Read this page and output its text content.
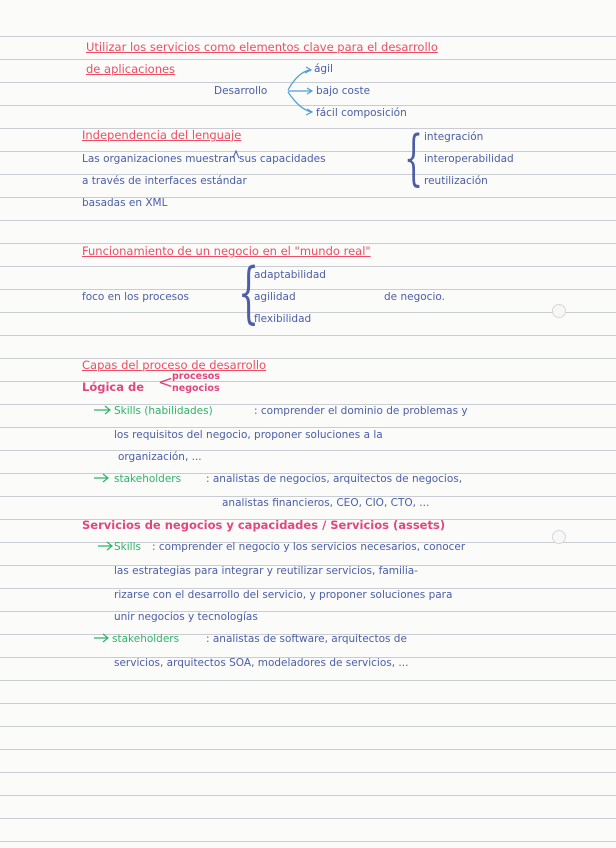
Utilizar los servicios como elementos clave para el desarrollo
de aplicaciones
Desarrollo
ágil
bajo coste
fácil composición
Independencia del lenguaje
Las organizaciones muestran sus capacidades
a través de interfaces estándar
basadas en XML
{ integración
interoperabilidad
reutilización
Funcionamiento de un negocio en el "mundo real"
foco en los procesos {
adaptabilidad
agilidad
flexibilidad
de negocio.
Capas del proceso de desarrollo
Lógica de <
procesos
negocios
Skills (habilidades)	: comprender el dominio de problemas y
los requisitos del negocio, proponer soluciones a la
organización, ...
stakeholders : analistas de negocios, arquitectos de negocios,
analistas financieros, CEO, CIO, CTO, ...
Servicios de negocios y capacidades / Servicios (assets)
Skills : comprender el negocio y los servicios necesarios, conocer
las estrategias para integrar y reutilizar servicios, familia-
rizarse con el desarrollo del servicio, y proponer soluciones para
unir negocios y tecnologías
stakeholders	: analistas de software, arquitectos de
servicios, arquitectos SOA, modeladores de servicios, ...
